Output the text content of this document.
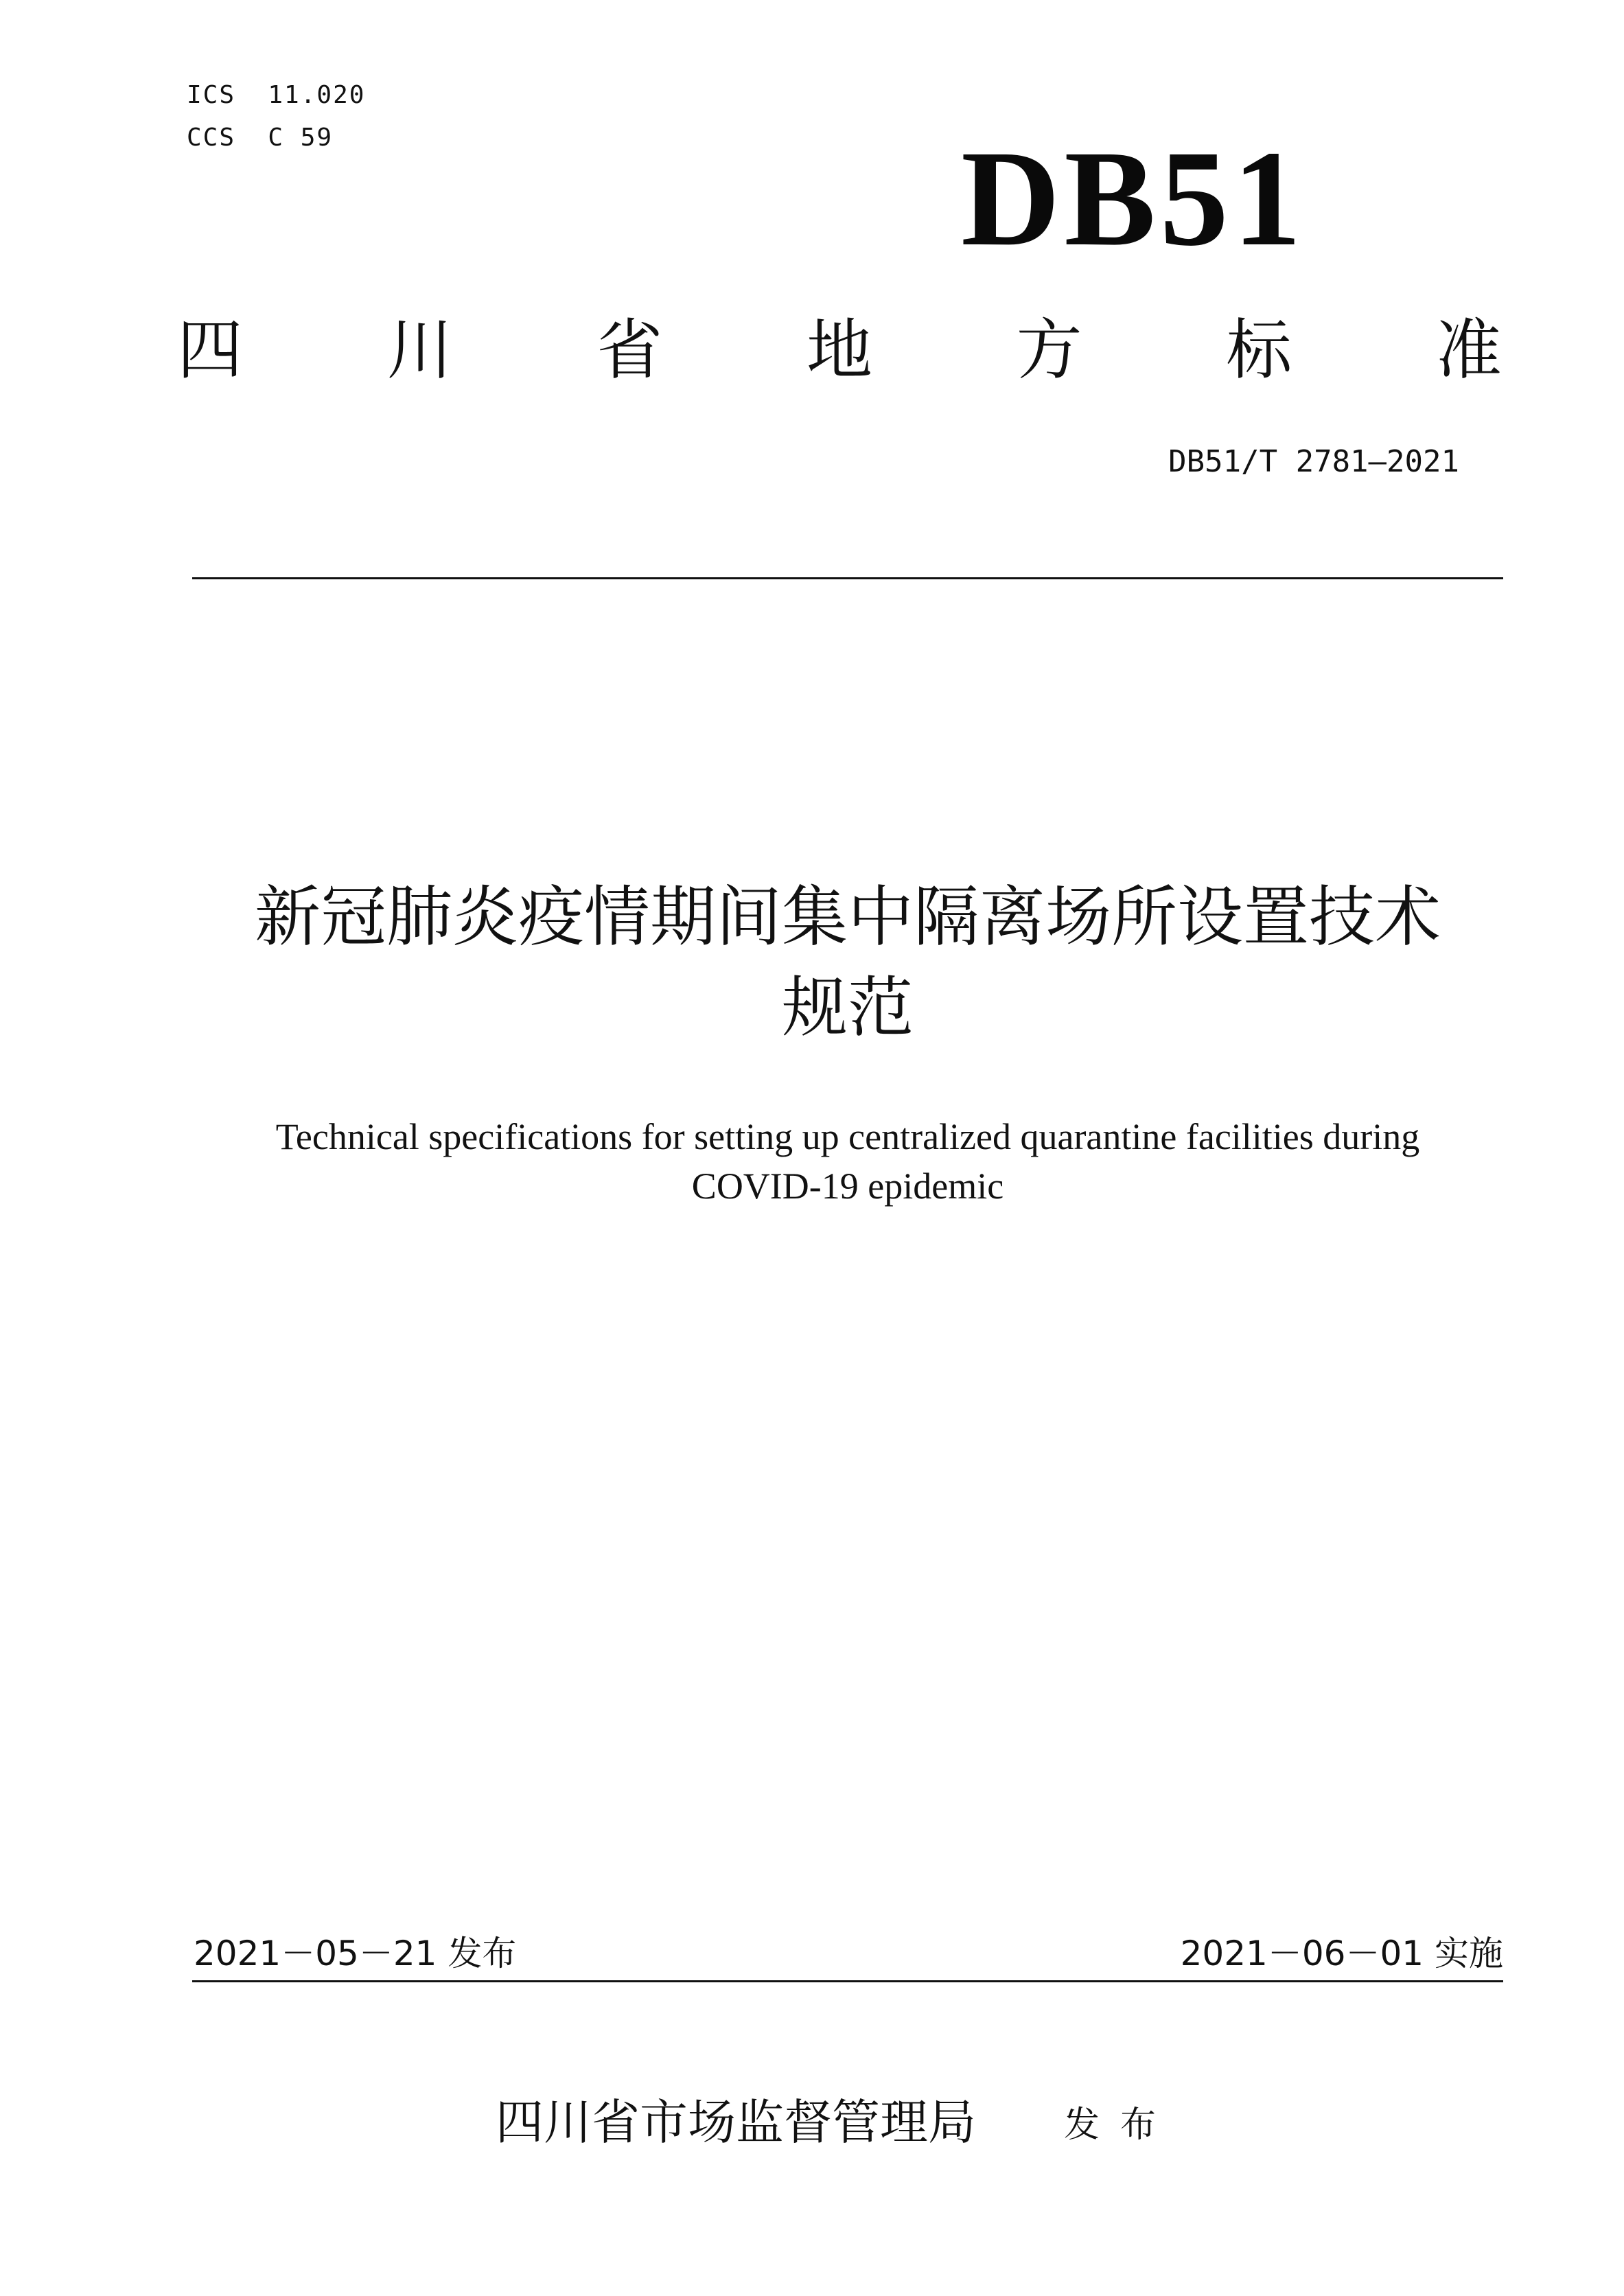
ICS  11.020
CCS  C 59	DB51
四 川 省 地 方 标 准
DB51/T 2781—2021
新冠肺炎疫情期间集中隔离场所设置技术
规范
Technical specifications for setting up centralized quarantine facilities during
COVID-19 epidemic
2021－05－21 发布	2021－06－01 实施
四川省市场监督管理局 发布
